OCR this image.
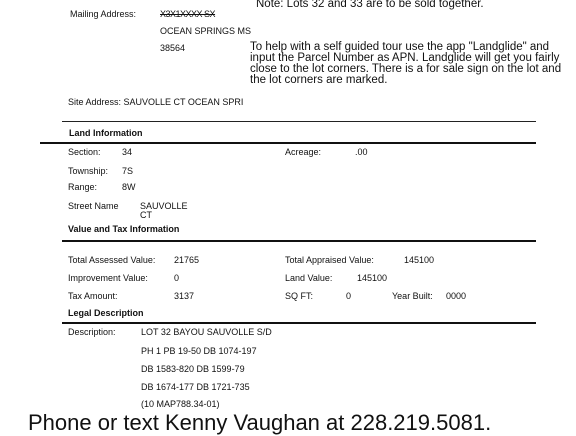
Mailing Address:	X3X1XXXX SX
OCEAN SPRINGS MS
38564
Note: Lots 32 and 33 are to be sold together.
To help with a self guided tour use the app "Landglide" and input the Parcel Number as APN. Landglide will get you fairly close to the lot corners. There is a for sale sign on the lot and the lot corners are marked.
Site Address: SAUVOLLE CT OCEAN SPRI
Land Information
Section: 34	Acreage:	.00
Township: 7S
Range:	8W
Street Name SAUVOLLE
CT
Value and Tax Information
Total Assessed Value: 21765	Total Appraised Value:	145100
Improvement Value:	0	Land Value:	145100
Tax Amount:	3137	SQ FT:	0	Year Built: 0000
Legal Description
Description:	LOT 32 BAYOU SAUVOLLE S/D
PH 1 PB 19-50 DB 1074-197
DB 1583-820 DB 1599-79
DB 1674-177 DB 1721-735
(10 MAP788.34-01)
Phone or text Kenny Vaughan at 228.219.5081.
